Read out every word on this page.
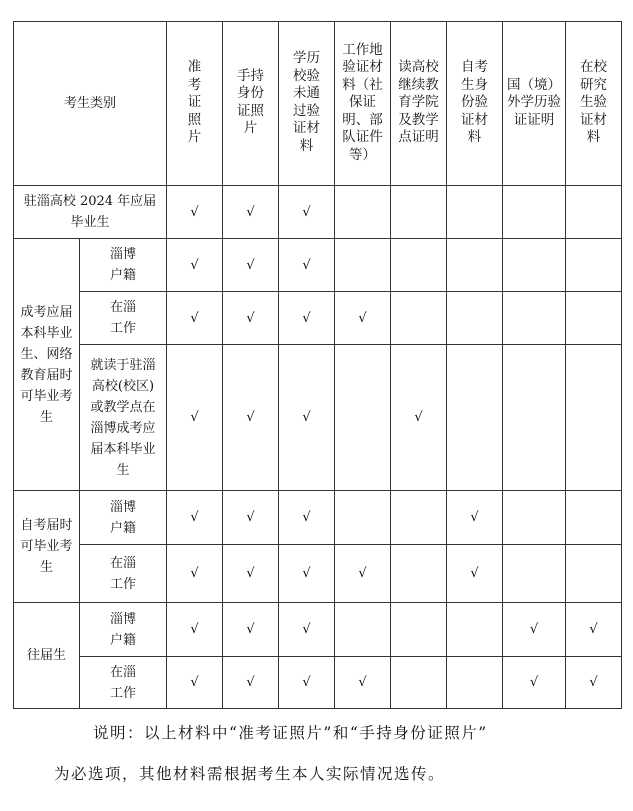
考生类别		准考证照片	手持身份证照片	学历校验未通过验证材料	工作地验证材料（社保证明、部队证件等）	读高校继续教育学院及教学点证明	自考生身份验证材料	国（境）外学历验证证明	在校研究生验证材料
驻淄高校 2024 年应届毕业生		√	√	√					
成考应届本科毕业生、网络教育届时可毕业考生	淄博户籍	√	√	√					
	在淄工作	√	√	√	√				
	就读于驻淄高校(校区)或教学点在淄博成考应届本科毕业生	√	√	√		√			
自考届时可毕业考生	淄博户籍	√	√	√			√		
	在淄工作	√	√	√	√		√		
往届生	淄博户籍	√	√	√				√	√
	在淄工作	√	√	√	√			√	√
说明：以上材料中“准考证照片”和“手持身份证照片”
为必选项，其他材料需根据考生本人实际情况选传。
